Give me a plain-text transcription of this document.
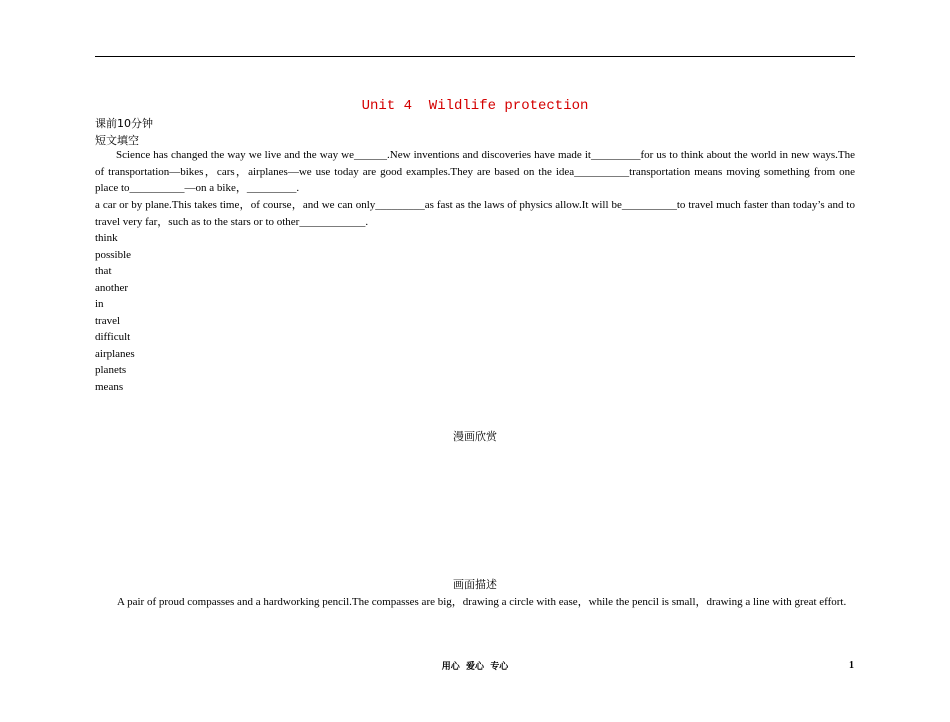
Unit 4  Wildlife protection
课前10分钟
短文填空

Science has changed the way we live and the way we______.New inventions and discoveries have made it_________for us to think about the world in new ways.The of transportation—bikes，cars，airplanes—we use today are good examples.They are based on the idea__________transportation means moving something from one place to__________—on a bike，_________.

a car or by plane.This takes time，of course，and we can only_________as fast as the laws of physics allow.It will be__________to travel much faster than today’s and to travel very far，such as to the stars or to other____________.

think
possible
that
another
in
travel
difficult
airplanes
planets
means
漫画欣赏
画面描述
A pair of proud compasses and a hardworking pencil.The compasses are big，drawing a circle with ease，while the pencil is small，drawing a line with great effort.
用心  爱心  专心	1
